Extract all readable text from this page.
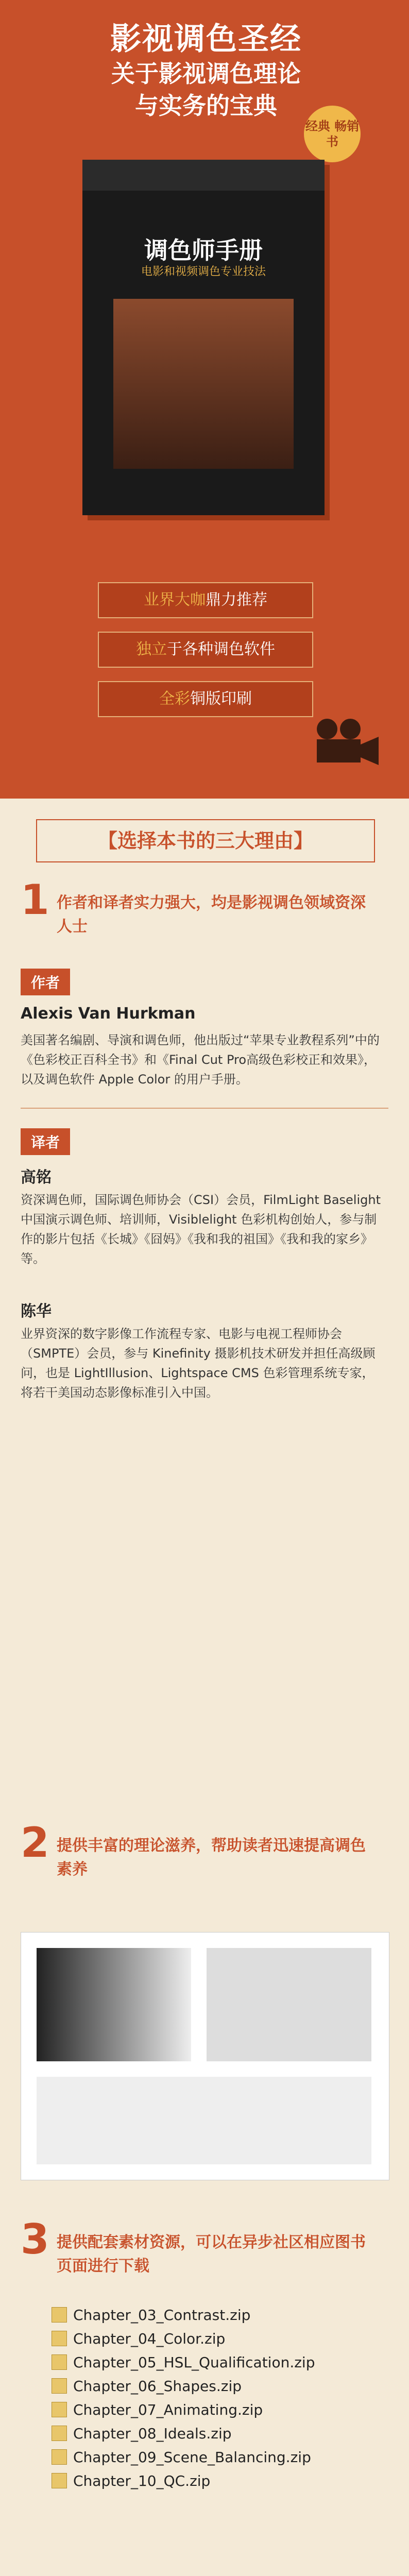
影视调色圣经
关于影视调色理论
与实务的宝典
经典 畅销书
调色师手册
电影和视频调色专业技法
业界大咖鼎力推荐
独立于各种调色软件
全彩铜版印刷
【选择本书的三大理由】
1 作者和译者实力强大，均是影视调色领域资深人士
作者
Alexis Van Hurkman
美国著名编剧、导演和调色师，他出版过“苹果专业教程系列”中的《色彩校正百科全书》和《Final Cut Pro高级色彩校正和效果》，以及调色软件 Apple Color 的用户手册。
译者
高铭
资深调色师，国际调色师协会（CSI）会员，FilmLight Baselight 中国演示调色师、培训师，Visiblelight 色彩机构创始人，参与制作的影片包括《长城》《囧妈》《我和我的祖国》《我和我的家乡》等。
陈华
业界资深的数字影像工作流程专家、电影与电视工程师协会（SMPTE）会员，参与 Kinefinity 摄影机技术研发并担任高级顾问，也是 LightIllusion、Lightspace CMS 色彩管理系统专家，将若干美国动态影像标准引入中国。
2 提供丰富的理论滋养，帮助读者迅速提高调色素养
3 提供配套素材资源，可以在异步社区相应图书页面进行下载
Chapter_03_Contrast.zip
Chapter_04_Color.zip
Chapter_05_HSL_Qualification.zip
Chapter_06_Shapes.zip
Chapter_07_Animating.zip
Chapter_08_Ideals.zip
Chapter_09_Scene_Balancing.zip
Chapter_10_QC.zip
